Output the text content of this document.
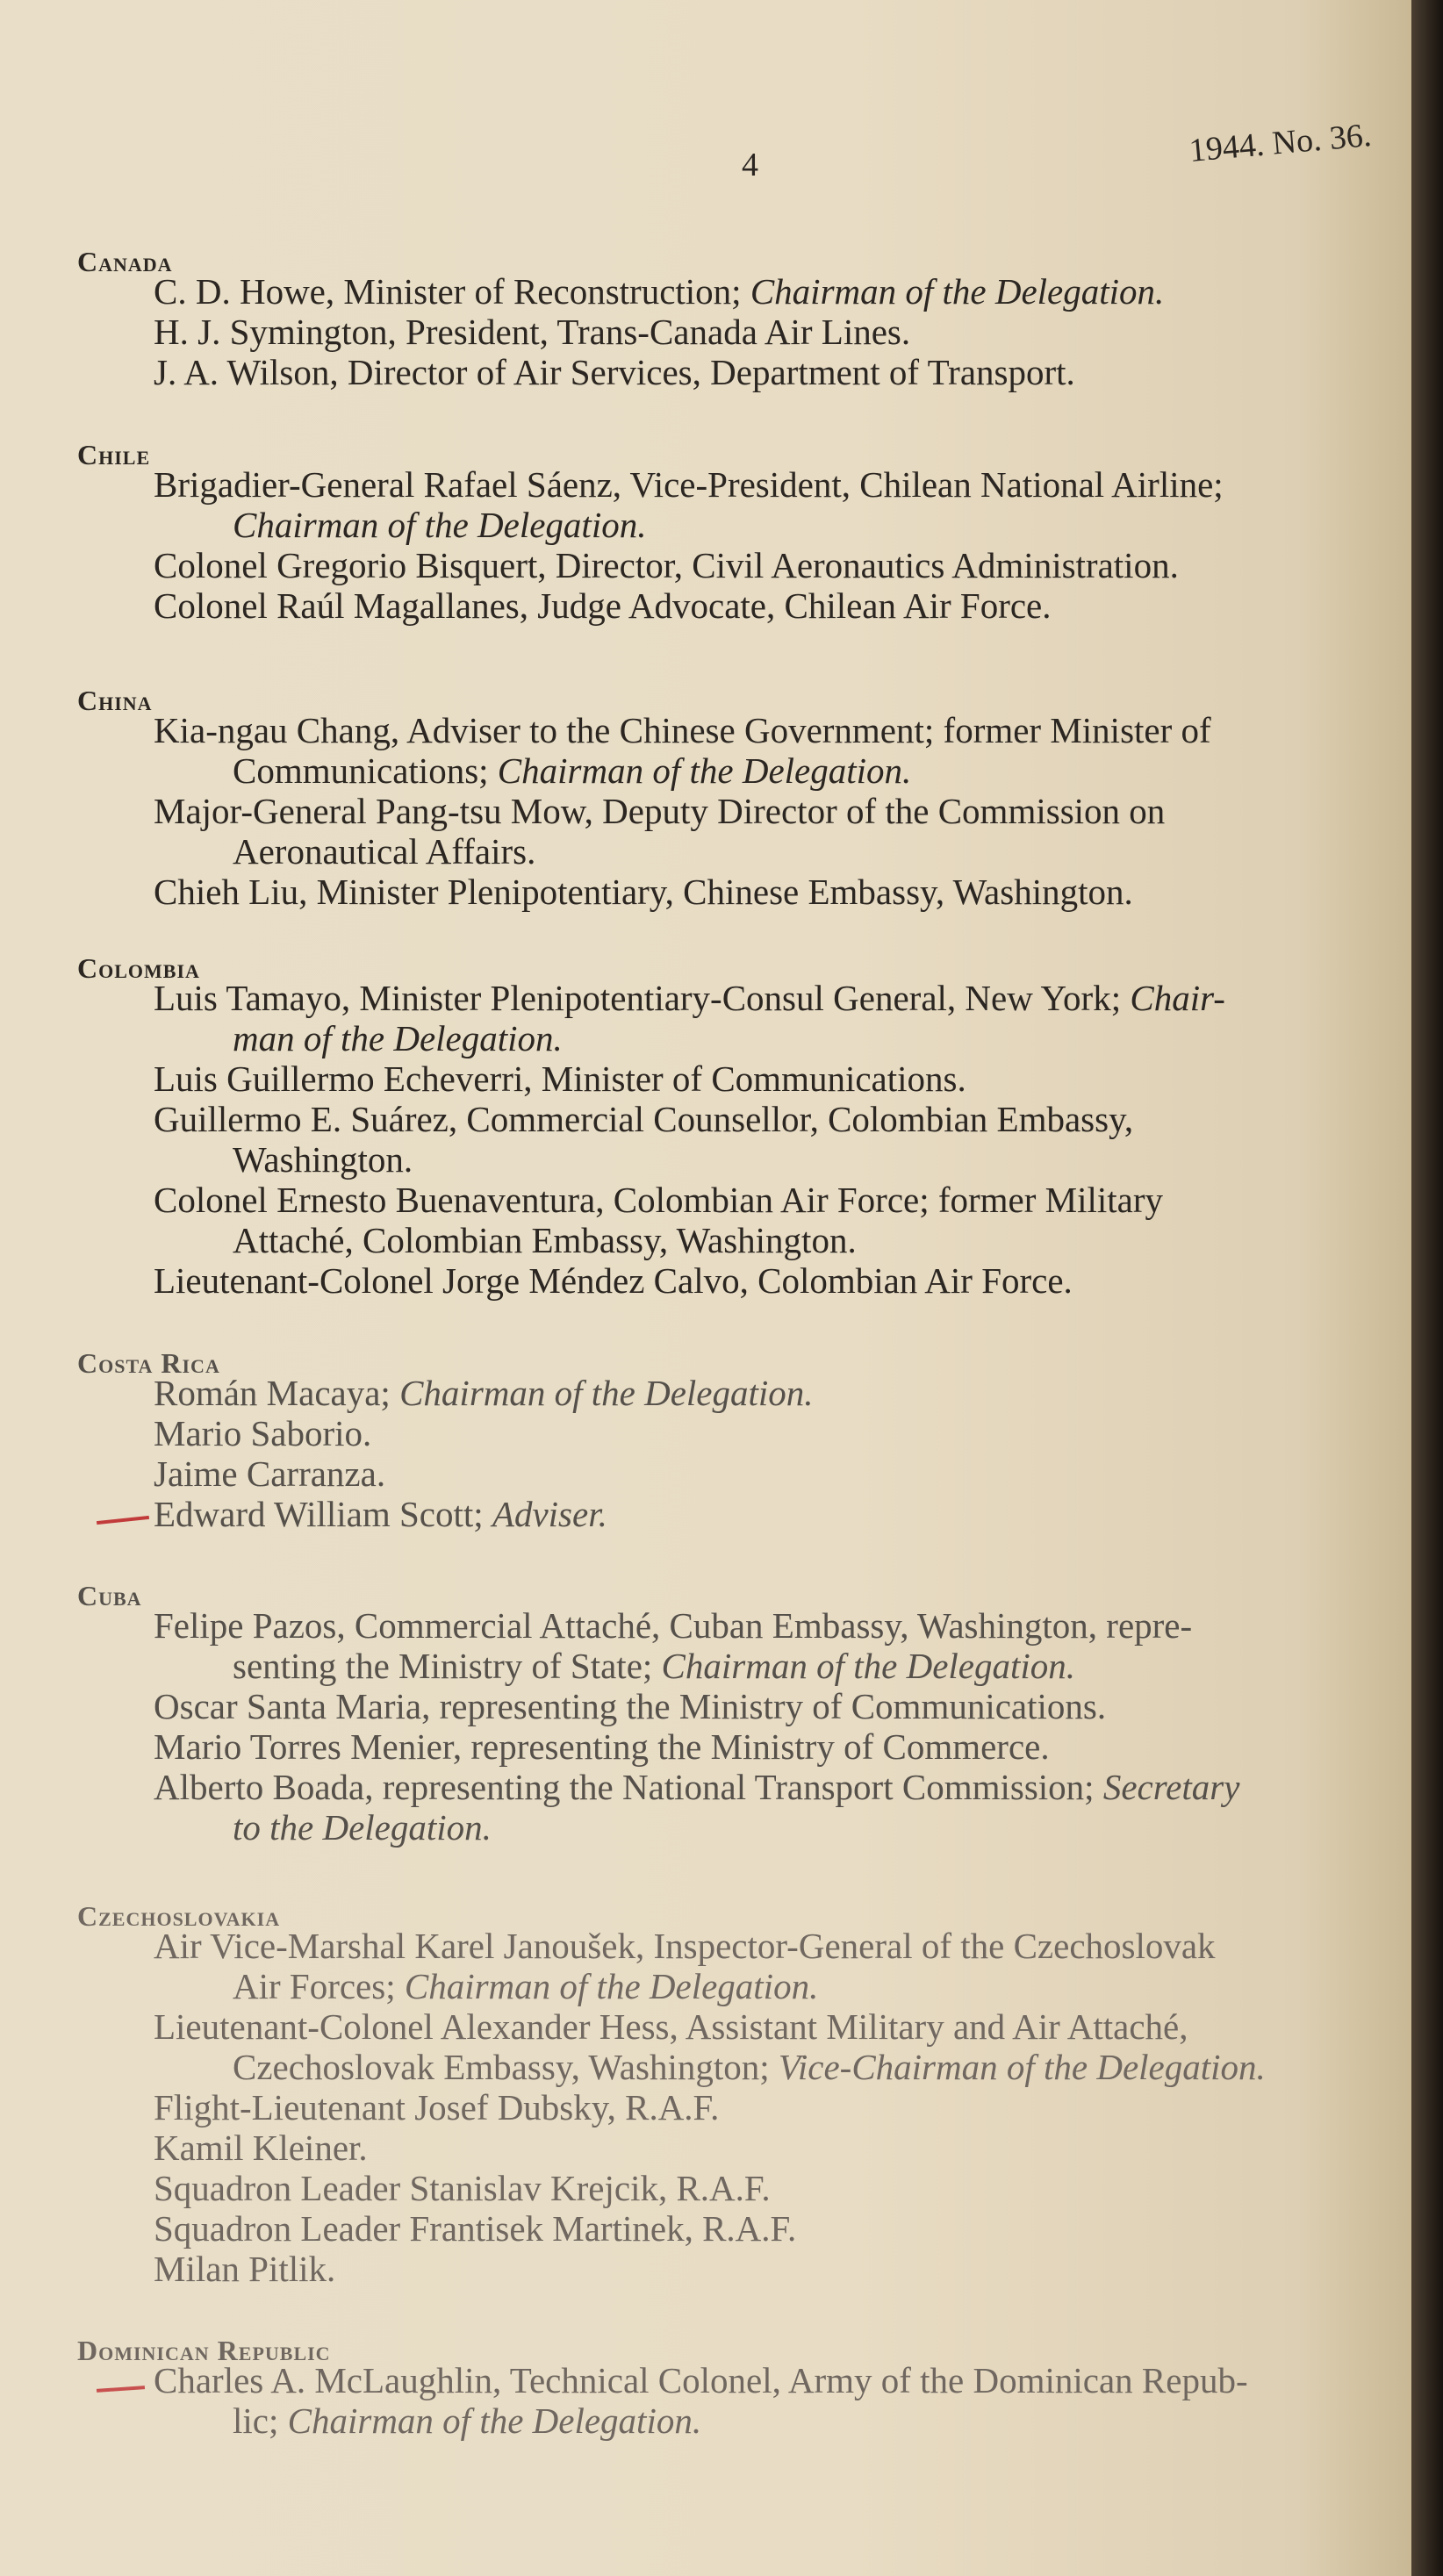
4	1944. No. 36.
Canada
C. D. Howe, Minister of Reconstruction; Chairman of the Delegation.
H. J. Symington, President, Trans-Canada Air Lines.
J. A. Wilson, Director of Air Services, Department of Transport.
Chile
Brigadier-General Rafael Sáenz, Vice-President, Chilean National Airline;
Chairman of the Delegation.
Colonel Gregorio Bisquert, Director, Civil Aeronautics Administration.
Colonel Raúl Magallanes, Judge Advocate, Chilean Air Force.
China
Kia-ngau Chang, Adviser to the Chinese Government; former Minister of
Communications; Chairman of the Delegation.
Major-General Pang-tsu Mow, Deputy Director of the Commission on
Aeronautical Affairs.
Chieh Liu, Minister Plenipotentiary, Chinese Embassy, Washington.
Colombia
Luis Tamayo, Minister Plenipotentiary-Consul General, New York; Chair-
man of the Delegation.
Luis Guillermo Echeverri, Minister of Communications.
Guillermo E. Suárez, Commercial Counsellor, Colombian Embassy,
Washington.
Colonel Ernesto Buenaventura, Colombian Air Force; former Military
Attaché, Colombian Embassy, Washington.
Lieutenant-Colonel Jorge Méndez Calvo, Colombian Air Force.
Costa Rica
Román Macaya; Chairman of the Delegation.
Mario Saborio.
Jaime Carranza.
Edward William Scott; Adviser.
Cuba
Felipe Pazos, Commercial Attaché, Cuban Embassy, Washington, repre-
senting the Ministry of State; Chairman of the Delegation.
Oscar Santa Maria, representing the Ministry of Communications.
Mario Torres Menier, representing the Ministry of Commerce.
Alberto Boada, representing the National Transport Commission; Secretary
to the Delegation.
Czechoslovakia
Air Vice-Marshal Karel Janoušek, Inspector-General of the Czechoslovak
Air Forces; Chairman of the Delegation.
Lieutenant-Colonel Alexander Hess, Assistant Military and Air Attaché,
Czechoslovak Embassy, Washington; Vice-Chairman of the Delegation.
Flight-Lieutenant Josef Dubsky, R.A.F.
Kamil Kleiner.
Squadron Leader Stanislav Krejcik, R.A.F.
Squadron Leader Frantisek Martinek, R.A.F.
Milan Pitlik.
Dominican Republic
Charles A. McLaughlin, Technical Colonel, Army of the Dominican Repub-
lic; Chairman of the Delegation.
